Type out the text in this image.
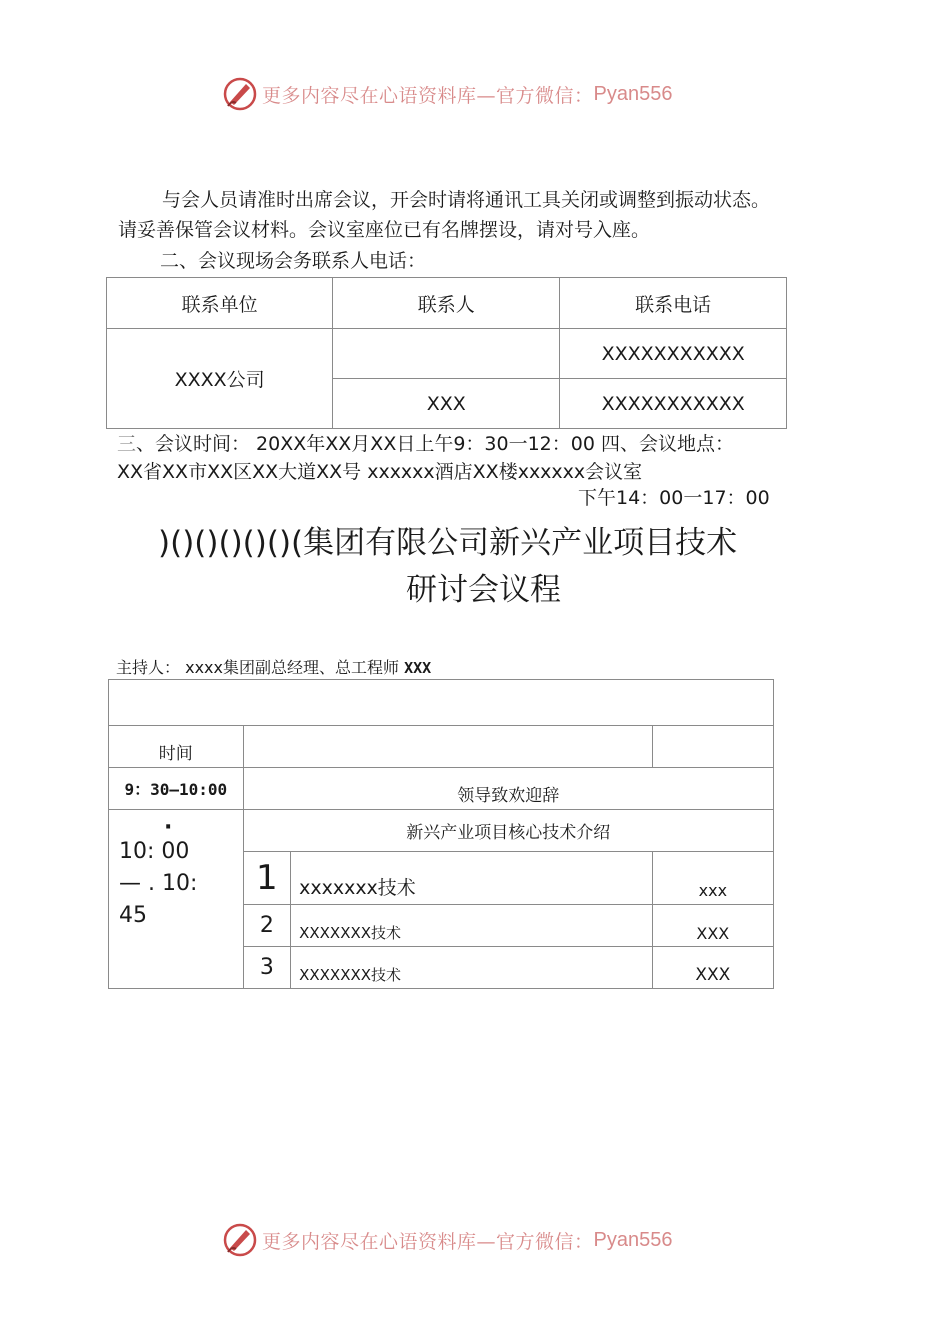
更多内容尽在心语资料库—官方微信： Pyan556
与会人员请准时出席会议，开会时请将通讯工具关闭或调整到振动状态。
请妥善保管会议材料。会议室座位已有名牌摆设，请对号入座。
二、会议现场会务联系人电话：
联系单位	联系人	联系电话
XXXX公司		XXXXXXXXXXX
	XXX	XXXXXXXXXXX
三、会议时间： 20XX年XX月XX日上午9：30一12：00 四、会议地点：
XX省XX市XX区XX大道XX号 xxxxxx酒店XX楼xxxxxx会议室
下午14：00一17：00
)()()()()()(集团有限公司新兴产业项目技术
研讨会议程
主持人： xxxx集团副总经理、总工程师 XXX

时间			
9：30—10:00	领导致欢迎辞		

·
10: 00
— . 10:
45	新兴产业项目核心技术介绍		
	1	xxxxxxx技术	xxx
	2	XXXXXXX技术	XXX
	3	XXXXXXX技术	XXX
更多内容尽在心语资料库—官方微信： Pyan556
